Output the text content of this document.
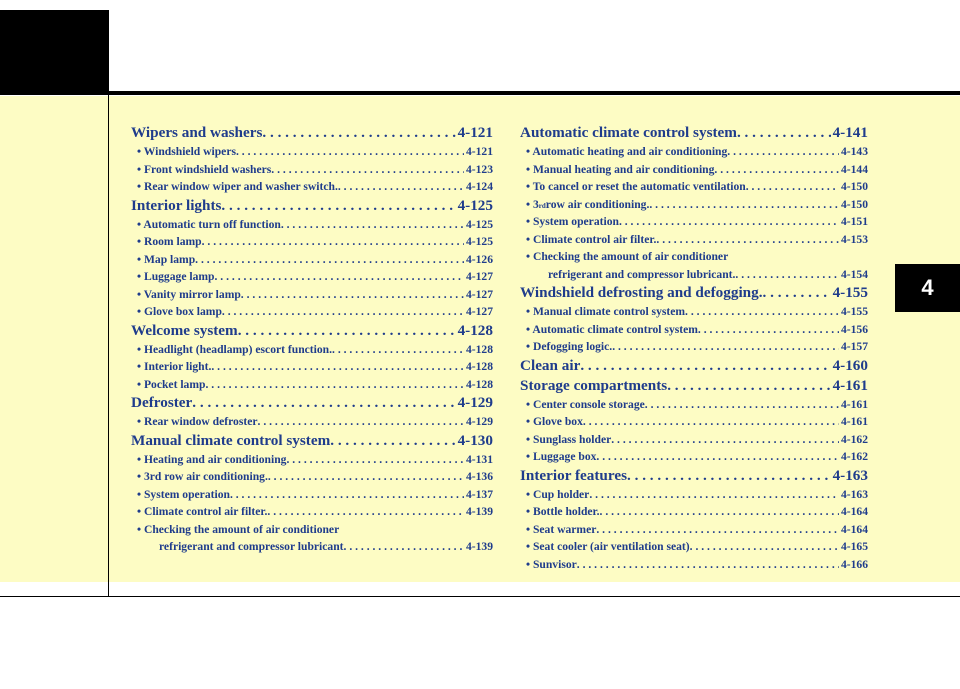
4
Wipers and washers . . .	4-121
• Windshield wipers . . .	4-121
• Front windshield washers . . .	4-123
• Rear window wiper and washer switch. . . .	4-124
Interior lights . . .	4-125
• Automatic turn off function . . .	4-125
• Room lamp . . .	4-125
• Map lamp . . .	4-126
• Luggage lamp . . .	4-127
• Vanity mirror lamp . . .	4-127
• Glove box lamp . . .	4-127
Welcome system . . .	4-128
• Headlight (headlamp) escort function. . . .	4-128
• Interior light. . . .	4-128
• Pocket lamp . . .	4-128
Defroster . . .	4-129
• Rear window defroster . . .	4-129
Manual climate control system . . .	4-130
• Heating and air conditioning . . .	4-131
• 3rd row air conditioning. . . .	4-136
• System operation . . .	4-137
• Climate control air filter. . . .	4-139
• Checking the amount of air conditioner
refrigerant and compressor lubricant . . .	4-139
Automatic climate control system . . .	4-141
• Automatic heating and air conditioning . . .	4-143
• Manual heating and air conditioning . . .	4-144
• To cancel or reset the automatic ventilation . . .	4-150
• 3 rd row air conditioning. . . .	4-150
• System operation . . .	4-151
• Climate control air filter. . . .	4-153
• Checking the amount of air conditioner
refrigerant and compressor lubricant. . . .	4-154
Windshield defrosting and defogging. . . .	4-155
• Manual climate control system . . .	4-155
• Automatic climate control system . . .	4-156
• Defogging logic. . . .	4-157
Clean air . . .	4-160
Storage compartments . . .	4-161
• Center console storage . . .	4-161
• Glove box . . .	4-161
• Sunglass holder . . .	4-162
• Luggage box . . .	4-162
Interior features . . .	4-163
• Cup holder . . .	4-163
• Bottle holder. . . .	4-164
• Seat warmer . . .	4-164
• Seat cooler (air ventilation seat) . . .	4-165
• Sunvisor . . .	4-166
